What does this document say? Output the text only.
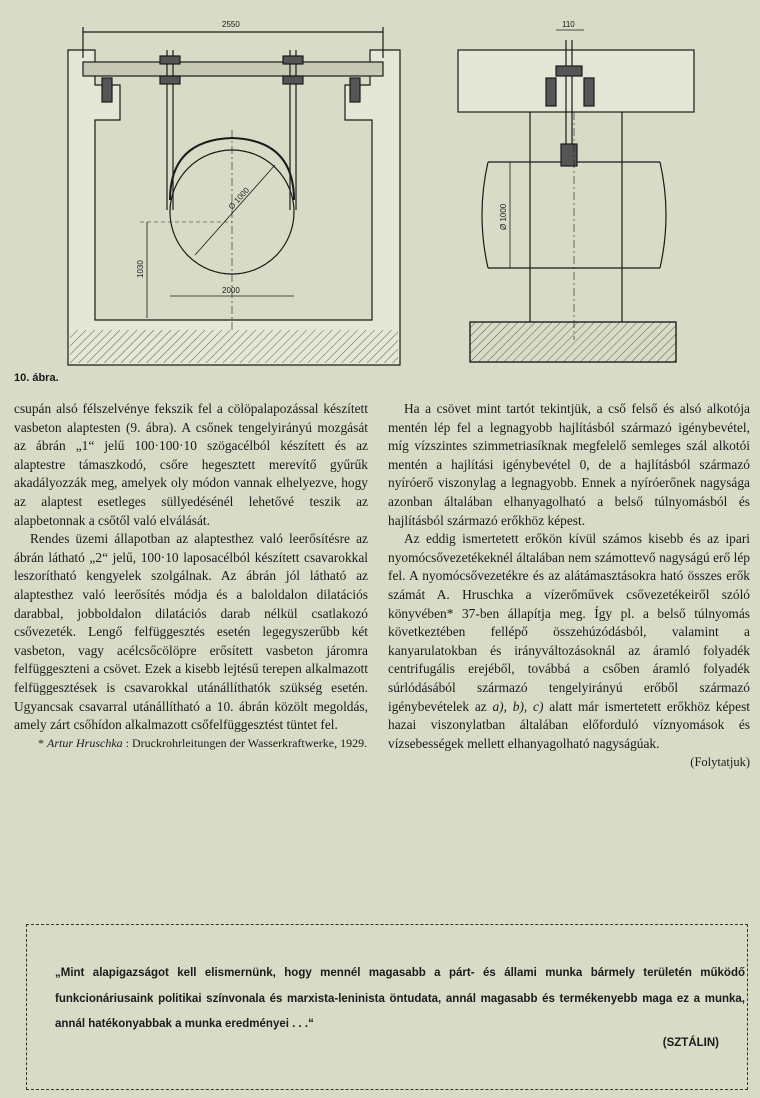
2550
Ø 1000
1030
2000
110
Ø 1000
10. ábra.

csupán alsó félszelvénye fekszik fel a cölöpalapozással készített vasbeton alaptesten (9. ábra). A csőnek tengelyirányú mozgását az ábrán „1“ jelű 100·100·10 szögacélból készített és az alaptestre támaszkodó, csőre hegesztett merevítő gyűrűk akadályozzák meg, amelyek oly módon vannak elhelyezve, hogy az alaptest esetleges süllyedésénél lehetővé teszik az alapbetonnak a csőtől való elválását.

Rendes üzemi állapotban az alaptesthez való leerősítésre az ábrán látható „2“ jelű, 100·10 laposacélból készített csavarokkal leszorítható kengyelek szolgálnak. Az ábrán jól látható az alaptesthez való leerősítés módja és a baloldalon dilatációs darabbal, jobboldalon dilatációs darab nélkül csatlakozó csővezeték. Lengő felfüggesztés esetén legegyszerűbb két vasbeton, vagy acélcsőcölöpre erősített vasbeton járomra felfüggeszteni a csövet. Ezek a kisebb lejtésű terepen alkalmazott felfüggesztések is csavarokkal utánállíthatók szükség esetén. Ugyancsak csavarral utánállítható a 10. ábrán közölt megoldás, amely zárt csőhídon alkalmazott csőfelfüggesztést tüntet fel.

* Artur Hruschka : Druckrohrleitungen der Wasserkraftwerke, 1929.

Ha a csövet mint tartót tekintjük, a cső felső és alsó alkotója mentén lép fel a legnagyobb hajlításból származó igénybevétel, míg vízszintes szimmetriasíknak megfelelő semleges szál alkotói mentén a hajlítási igénybevétel 0, de a hajlításból származó nyíróerő viszonylag a legnagyobb. Ennek a nyíróerőnek nagysága azonban általában elhanyagolható a belső túlnyomásból és hajlításból származó erőkhöz képest.

Az eddig ismertetett erőkön kívül számos kisebb és az ipari nyomócsővezetékeknél általában nem számottevő nagyságú erő lép fel. A nyomócsővezetékre és az alátámasztásokra ható összes erők számát A. Hruschka a vízerőművek csővezetékeiről szóló könyvében* 37-ben állapítja meg. Így pl. a belső túlnyomás következtében fellépő összehúzódásból, valamint a kanyarulatokban és irányváltozásoknál az áramló folyadék centrifugális erejéből, továbbá a csőben áramló folyadék súrlódásából származó tengelyirányú erőből származó igénybevételek az a), b), c) alatt már ismertetett erőkhöz képest hazai viszonylatban általában előforduló víznyomások és vízsebességek mellett elhanyagolható nagyságúak.

(Folytatjuk)

„Mint alapigazságot kell elismernünk, hogy mennél magasabb a párt- és állami munka bármely területén működő funkcionáriusaink politikai színvonala és marxista-leninista öntudata, annál magasabb és termékenyebb maga ez a munka, annál hatékonyabbak a munka eredményei . . .“
(SZTÁLIN)
